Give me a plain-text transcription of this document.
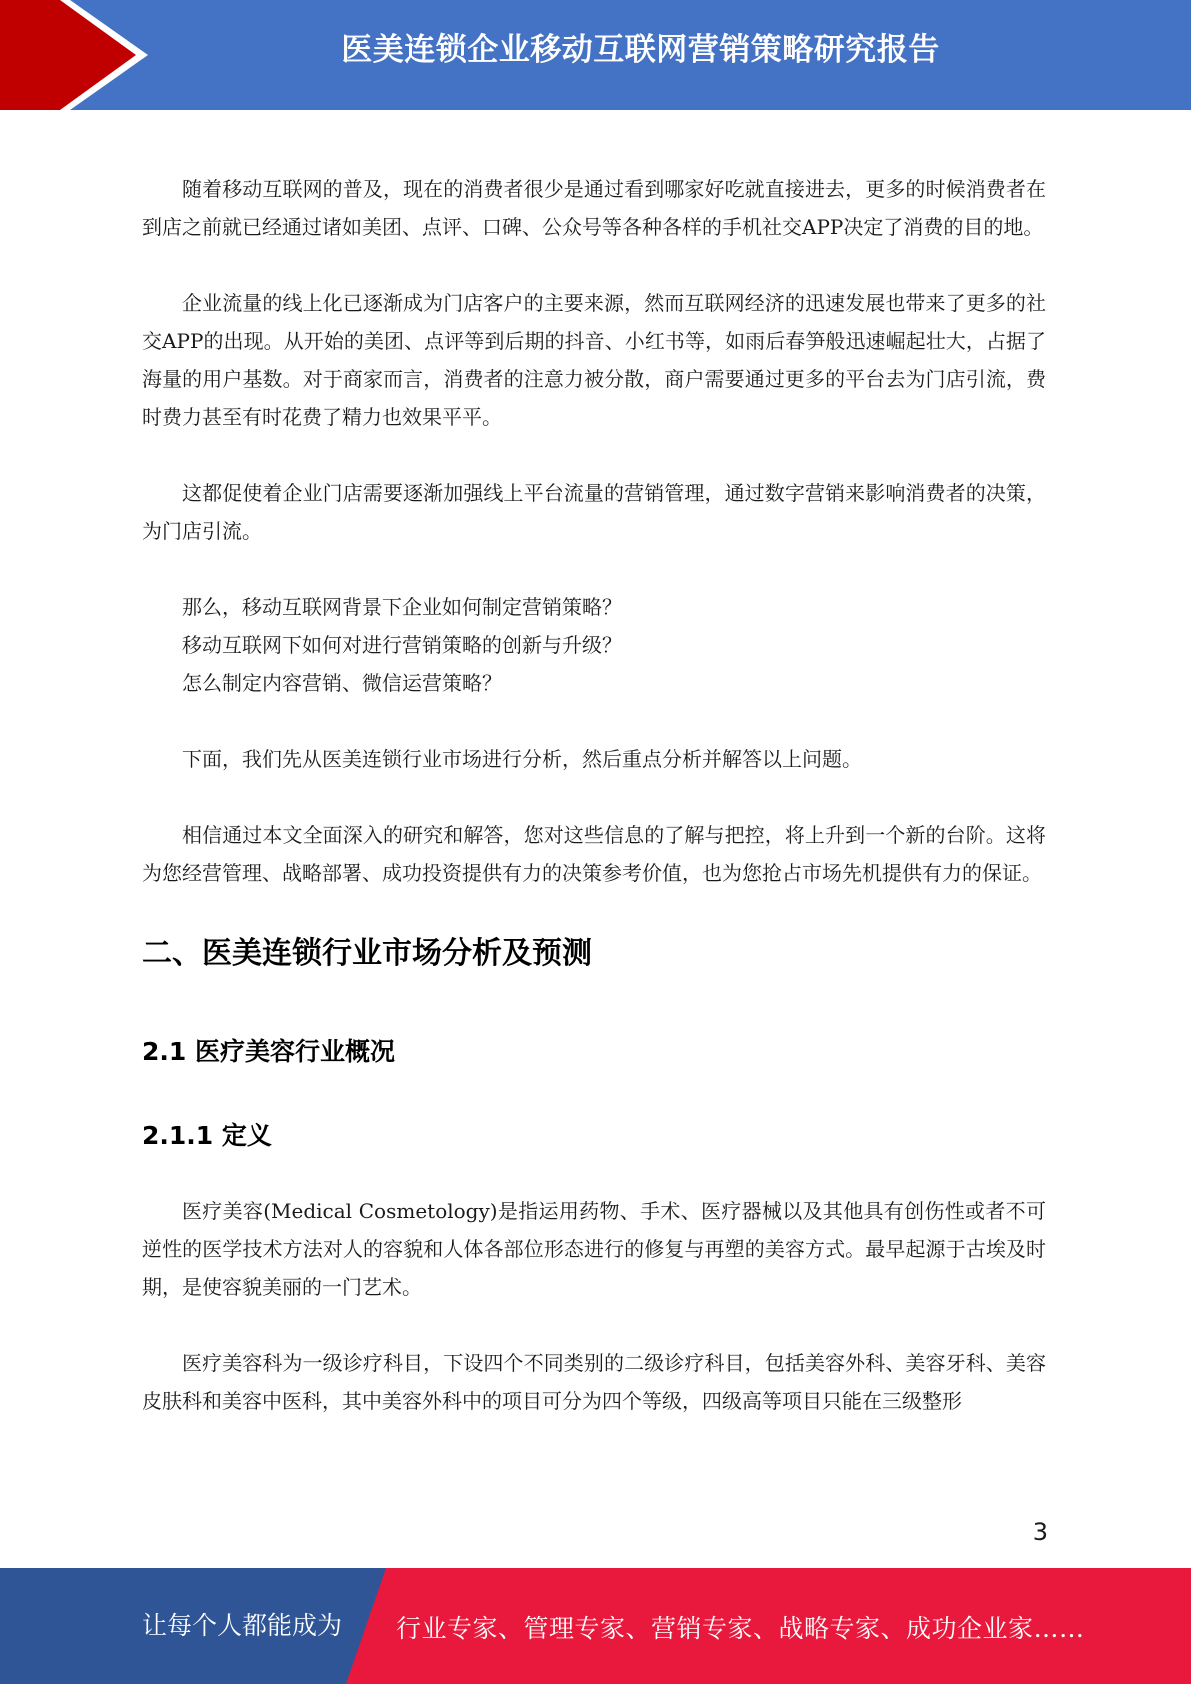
医美连锁企业移动互联网营销策略研究报告

随着移动互联网的普及，现在的消费者很少是通过看到哪家好吃就直接进去，更多的时候消费者在到店之前就已经通过诸如美团、点评、口碑、公众号等各种各样的手机社交APP决定了消费的目的地。

企业流量的线上化已逐渐成为门店客户的主要来源，然而互联网经济的迅速发展也带来了更多的社交APP的出现。从开始的美团、点评等到后期的抖音、小红书等，如雨后春笋般迅速崛起壮大，占据了海量的用户基数。对于商家而言，消费者的注意力被分散，商户需要通过更多的平台去为门店引流，费时费力甚至有时花费了精力也效果平平。

这都促使着企业门店需要逐渐加强线上平台流量的营销管理，通过数字营销来影响消费者的决策，为门店引流。

那么，移动互联网背景下企业如何制定营销策略？
移动互联网下如何对进行营销策略的创新与升级？
怎么制定内容营销、微信运营策略？

下面，我们先从医美连锁行业市场进行分析，然后重点分析并解答以上问题。

相信通过本文全面深入的研究和解答，您对这些信息的了解与把控，将上升到一个新的台阶。这将为您经营管理、战略部署、成功投资提供有力的决策参考价值，也为您抢占市场先机提供有力的保证。

二、医美连锁行业市场分析及预测
2.1 医疗美容行业概况
2.1.1 定义

医疗美容(Medical Cosmetology)是指运用药物、手术、医疗器械以及其他具有创伤性或者不可逆性的医学技术方法对人的容貌和人体各部位形态进行的修复与再塑的美容方式。最早起源于古埃及时期，是使容貌美丽的一门艺术。

医疗美容科为一级诊疗科目，下设四个不同类别的二级诊疗科目，包括美容外科、美容牙科、美容皮肤科和美容中医科，其中美容外科中的项目可分为四个等级，四级高等项目只能在三级整形

3
让每个人都能成为 行业专家、管理专家、营销专家、战略专家、成功企业家……
